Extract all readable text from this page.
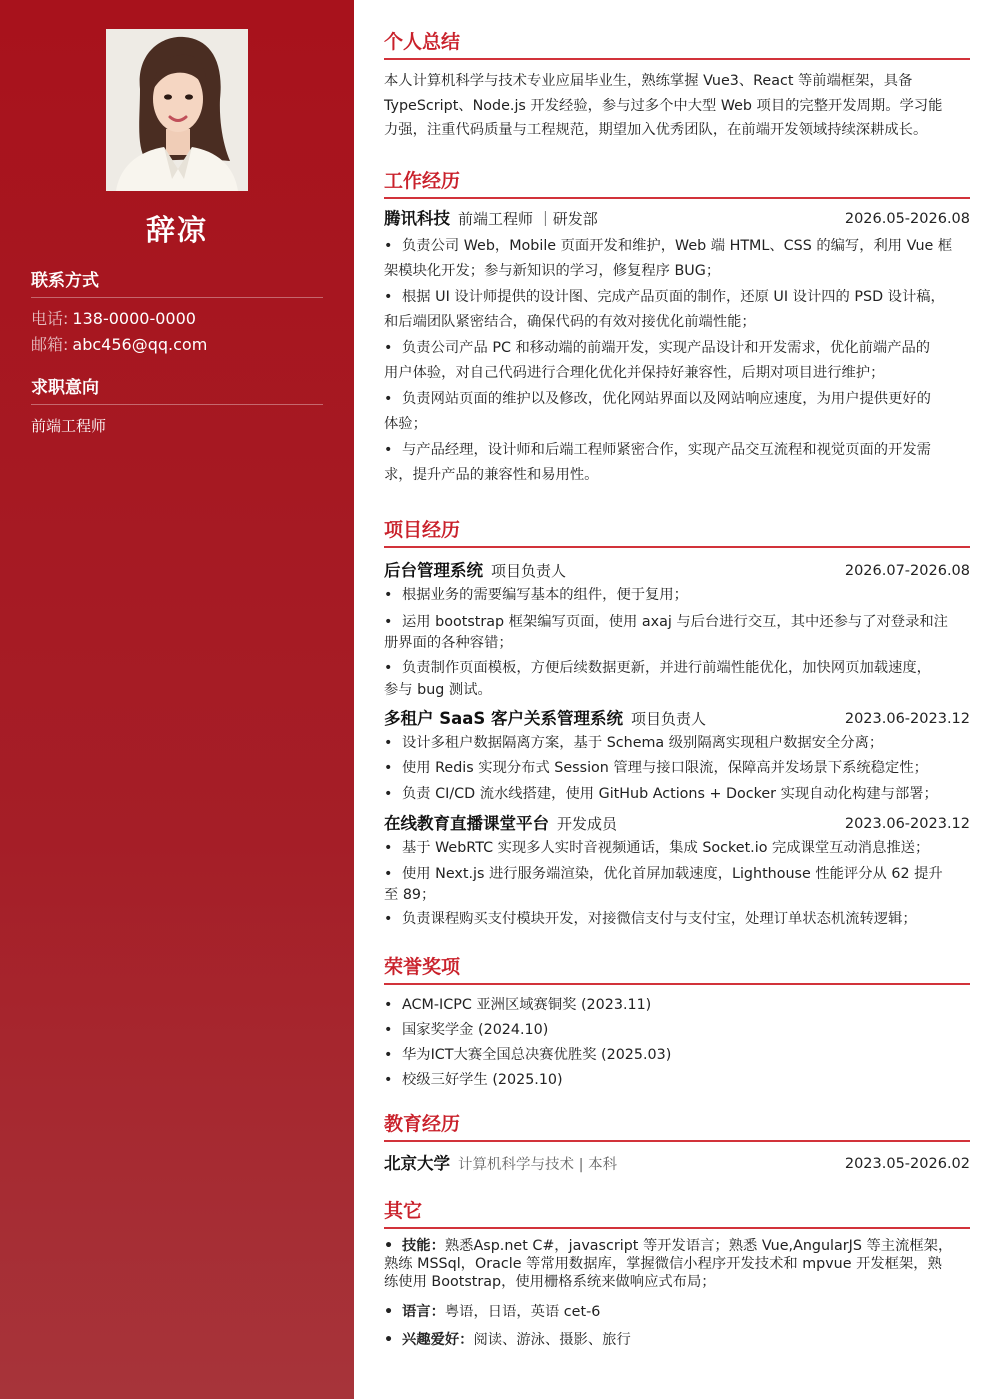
辞凉
联系方式
电话: 138-0000-0000
邮箱: abc456@qq.com
求职意向
前端工程师
个人总结
本人计算机科学与技术专业应届毕业生，熟练掌握 Vue3、React 等前端框架，具备
TypeScript、Node.js 开发经验，参与过多个中大型 Web 项目的完整开发周期。学习能
力强，注重代码质量与工程规范，期望加入优秀团队，在前端开发领域持续深耕成长。
工作经历
腾讯科技 前端工程师 ｜研发部	2026.05-2026.08
• 负责公司 Web，Mobile 页面开发和维护，Web 端 HTML、CSS 的编写，利用 Vue 框
架模块化开发；参与新知识的学习，修复程序 BUG；
• 根据 UI 设计师提供的设计图、完成产品页面的制作，还原 UI 设计四的 PSD 设计稿，
和后端团队紧密结合，确保代码的有效对接优化前端性能；
• 负责公司产品 PC 和移动端的前端开发，实现产品设计和开发需求，优化前端产品的
用户体验，对自己代码进行合理化优化并保持好兼容性，后期对项目进行维护；
• 负责网站页面的维护以及修改，优化网站界面以及网站响应速度，为用户提供更好的
体验；
• 与产品经理，设计师和后端工程师紧密合作，实现产品交互流程和视觉页面的开发需
求，提升产品的兼容性和易用性。
项目经历
后台管理系统 项目负责人	2026.07-2026.08
• 根据业务的需要编写基本的组件，便于复用；
• 运用 bootstrap 框架编写页面，使用 axaj 与后台进行交互，其中还参与了对登录和注
册界面的各种容错；
• 负责制作页面模板，方便后续数据更新，并进行前端性能优化，加快网页加载速度，
参与 bug 测试。
多租户 SaaS 客户关系管理系统 项目负责人	2023.06-2023.12
• 设计多租户数据隔离方案，基于 Schema 级别隔离实现租户数据安全分离；
• 使用 Redis 实现分布式 Session 管理与接口限流，保障高并发场景下系统稳定性；
• 负责 CI/CD 流水线搭建，使用 GitHub Actions + Docker 实现自动化构建与部署；
在线教育直播课堂平台 开发成员	2023.06-2023.12
• 基于 WebRTC 实现多人实时音视频通话，集成 Socket.io 完成课堂互动消息推送；
• 使用 Next.js 进行服务端渲染，优化首屏加载速度，Lighthouse 性能评分从 62 提升
至 89；
• 负责课程购买支付模块开发，对接微信支付与支付宝，处理订单状态机流转逻辑；
荣誉奖项
• ACM-ICPC 亚洲区域赛铜奖 (2023.11)
• 国家奖学金 (2024.10)
• 华为ICT大赛全国总决赛优胜奖 (2025.03)
• 校级三好学生 (2025.10)
教育经历
北京大学 计算机科学与技术 | 本科	2023.05-2026.02
其它
• 技能：熟悉Asp.net C#，javascript 等开发语言；熟悉 Vue,AngularJS 等主流框架，
熟练 MSSql，Oracle 等常用数据库，掌握微信小程序开发技术和 mpvue 开发框架，熟
练使用 Bootstrap，使用栅格系统来做响应式布局；
• 语言：粤语，日语，英语 cet-6
• 兴趣爱好：阅读、游泳、摄影、旅行
